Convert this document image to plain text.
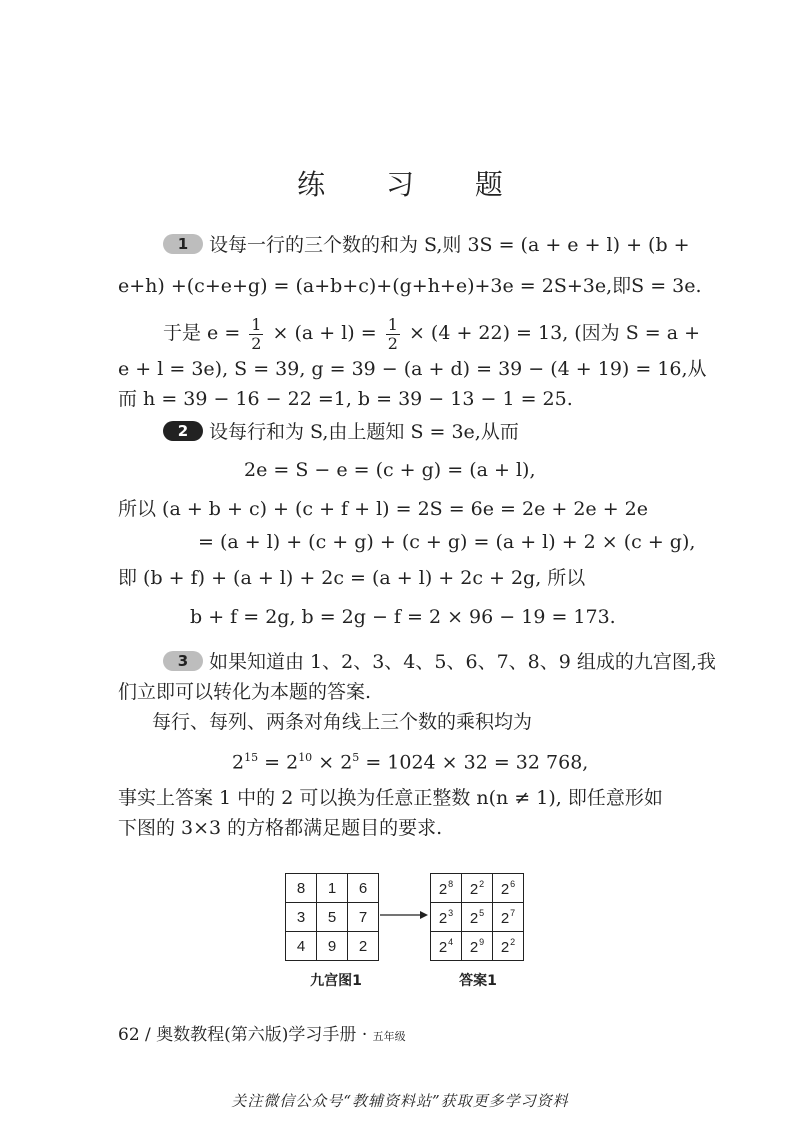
练 习 题
1 设每一行的三个数的和为 S,则 3S = (a + e + l) + (b +
e+h) +(c+e+g) = (a+b+c)+(g+h+e)+3e = 2S+3e,即S = 3e.
于是 $e = \frac{1}{2} \times (a + l) = \frac{1}{2} \times (4 + 22) = 13$, (因为 S = a +
e + l = 3e), S = 39, g = 39 − (a + d) = 39 − (4 + 19) = 16,从
而 h = 39 − 16 − 22 =1, b = 39 − 13 − 1 = 25.
2 设每行和为 S,由上题知 S = 3e,从而
2e = S − e = (c + g) = (a + l),
所以 (a + b + c) + (c + f + l) = 2S = 6e = 2e + 2e + 2e
= (a + l) + (c + g) + (c + g) = (a + l) + 2 × (c + g),
即 (b + f) + (a + l) + 2c = (a + l) + 2c + 2g, 所以
b + f = 2g, b = 2g − f = 2 × 96 − 19 = 173.
3 如果知道由 1、2、3、4、5、6、7、8、9 组成的九宫图,我
们立即可以转化为本题的答案.
每行、每列、两条对角线上三个数的乘积均为
$2^{15} = 2^{10} \times 2^5 = 1024 \times 32 = 32$ 768,
事实上答案 1 中的 2 可以换为任意正整数 n(n ≠ 1), 即任意形如
下图的 3×3 的方格都满足题目的要求.
8	1	6
3	5	7
4	9	2
$2^8$	$2^2$	$2^6$
$2^3$	$2^5$	$2^7$
$2^4$	$2^9$	$2^2$
九宫图1	答案1
62 / 奥数教程(第六版)学习手册 · 五年级
关注微信公众号“教辅资料站”获取更多学习资料
